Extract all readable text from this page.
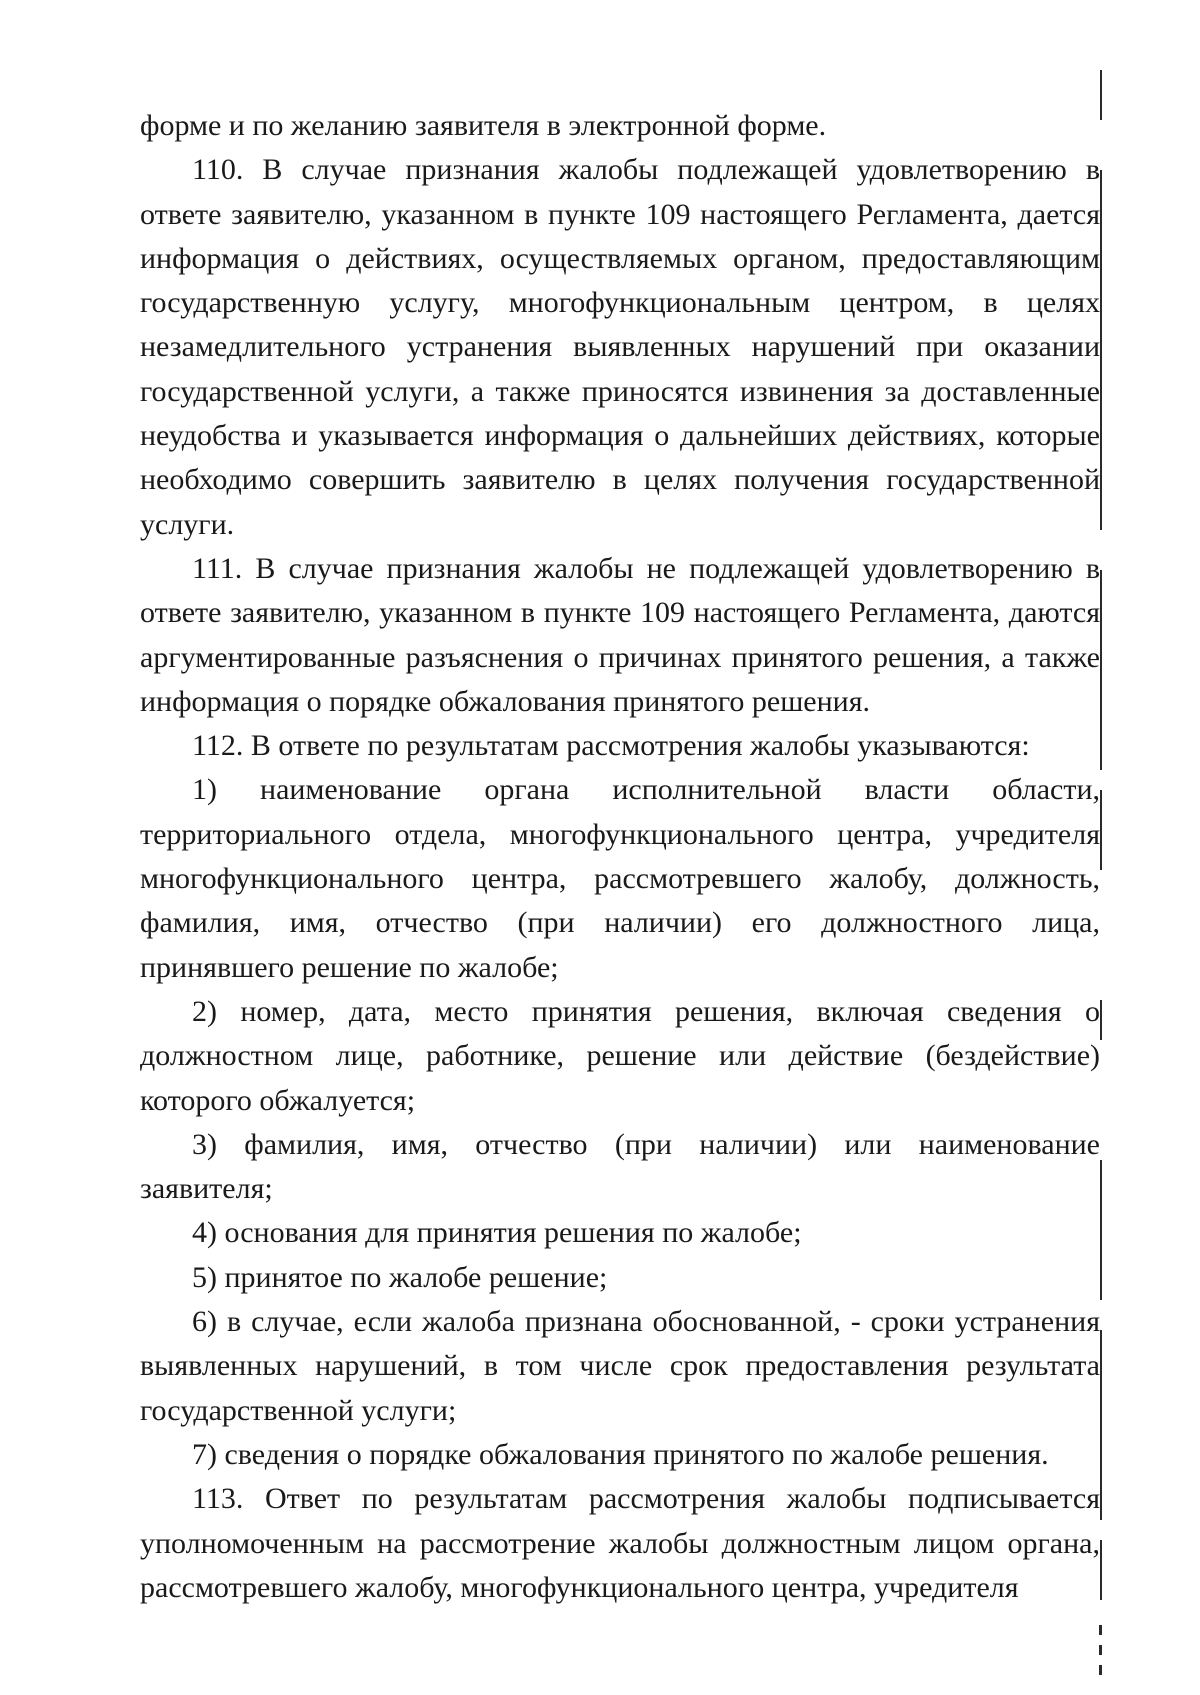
форме и по желанию заявителя в электронной форме.

110. В случае признания жалобы подлежащей удовлетворению в ответе заявителю, указанном в пункте 109 настоящего Регламента, дается информация о действиях, осуществляемых органом, предоставляющим государственную услугу, многофункциональным центром, в целях незамедлительного устранения выявленных нарушений при оказании государственной услуги, а также приносятся извинения за доставленные неудобства и указывается информация о дальнейших действиях, которые необходимо совершить заявителю в целях получения государственной услуги.

111. В случае признания жалобы не подлежащей удовлетворению в ответе заявителю, указанном в пункте 109 настоящего Регламента, даются аргументированные разъяснения о причинах принятого решения, а также информация о порядке обжалования принятого решения.

112. В ответе по результатам рассмотрения жалобы указываются:

1) наименование органа исполнительной власти области, территориального отдела, многофункционального центра, учредителя многофункционального центра, рассмотревшего жалобу, должность, фамилия, имя, отчество (при наличии) его должностного лица, принявшего решение по жалобе;

2) номер, дата, место принятия решения, включая сведения о должностном лице, работнике, решение или действие (бездействие) которого обжалуется;

3) фамилия, имя, отчество (при наличии) или наименование заявителя;

4) основания для принятия решения по жалобе;

5) принятое по жалобе решение;

6) в случае, если жалоба признана обоснованной, - сроки устранения выявленных нарушений, в том числе срок предоставления результата государственной услуги;

7) сведения о порядке обжалования принятого по жалобе решения.

113. Ответ по результатам рассмотрения жалобы подписывается уполномоченным на рассмотрение жалобы должностным лицом органа, рассмотревшего жалобу, многофункционального центра, учредителя
